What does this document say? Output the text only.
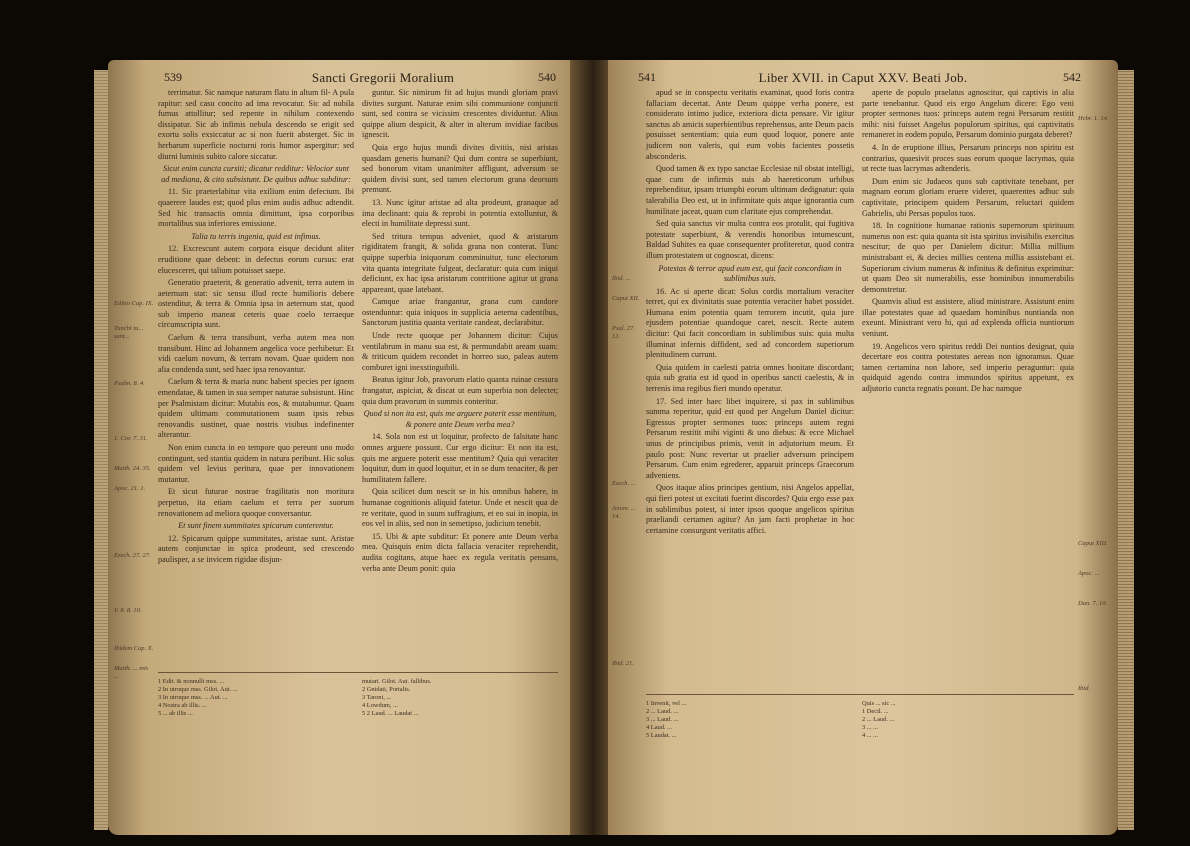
539	Sancti Gregorii Moralium	540
Editio Cap. IX.
Tuncbi tu... sunt...
Psalm. 8. 4.
1. Cor. 7. 31.
Matth. 24. 35.
Apoc. 21. 1.
Ezech. 27. 27.
V. 8. 8. 10.
Ibidem Cap. X.
Matth. ... mis ...

terrimatur. Sic namque naturam flatu in altum fil- A pula rapitur: sed casu concito ad ima revocatur. Sic ad nubila fumus attollitur; sed repente in nihilum contexendo dissipatur. Sic ab infimis nebula descendo se erigit sed exortu solis exsiccatur ac si non fuerit absterget. Sic in herbarum superficie nocturni roris humor aspergitur: sed diurni luminis subito calore siccatur.

Sicut enim cuncta cursiti; dicatur redditur: Velocior sunt ad mediana, & cito subsistunt. De quibus adhuc subditur:

11. Sic praeterlabitur vita exilium enim defectum. Ibi quaerere laudes est; quod plus enim audis adhuc adtendit. Sed hic transactis omnia dimittunt, ipsa corporibus mortalibus sua inferiores emissione.

Talia tu terris ingenia, quid est infimus.

12. Excrescunt autem corpora eisque decidunt aliter eruditione quae debent: in defectus eorum cursus: erat elucesceret, qui talium potuisset saepe.

Generatio praeterit, & generatio advenit, terra autem in aeternum stat: sic sensu illud recte humilioris debere ostenditur, & terra & Omnia ipsa in aeternum stat, quod sub imperio maneat ceteris quae coelo terraeque circumscripta sunt.

Caelum & terra transibunt, verba autem mea non transibunt. Hinc ad Johannem angelica voce perhibetur: Et vidi caelum novum, & terram novam. Quae quidem non alia condenda sunt, sed haec ipsa renovantur.

Caelum & terra & maria nunc habent species per ignem emendatae, & tamen in sua semper naturae subsistunt. Hinc per Psalmistam dicitur: Mutabis eos, & mutabuntur. Quam quidem ultimam commutationem suam ipsis rebus renovandis sustinet, quae nostris visibus indefinenter alterantur.

Non enim cuncta in eo tempore quo pereunt uno modo contingunt, sed stantia quidem in natura peribunt. Hic solus quidem vel levius peritura, quae per innovationem mutantur.

Et sicut futurae nostrae fragilitatis non moritura perpetuo, ita etiam caelum et terra per suorum renovationem ad meliora quoque conversantur.

Et sunt finem summitates spicarum conterentur.

12. Spicarum quippe summitates, aristae sunt. Aristae autem conjunctae in spica prodeunt, sed crescendo paulisper, a se invicem rigidae disjun-

guntur. Sic nimirum fit ad hujus mundi gloriam pravi divites surgunt. Naturae enim sibi communione conjuncti sunt, sed contra se vicissim crescentes dividuntur. Alius quippe alium despicit, & alter in alterum invidiae facibus ignescit.

Quia ergo hujus mundi divites divitiis, nisi aristas quasdam generis humani? Qui dum contra se superbiunt, sed bonorum vitam unanimiter affligunt, adversum se quidem divisi sunt, sed tamen electorum grana deorsum premunt.

13. Nunc igitur aristae ad alta prodeunt, granaque ad ima declinant: quia & reprobi in potentia extolluntur, & electi in humilitate depressi sunt.

Sed tritura tempus adveniet, quod & aristarum rigiditatem frangit, & solida grana non conterat. Tunc quippe superbia iniquorum comminuitur, tunc electorum vita quanta integritate fulgeat, declaratur: quia cum iniqui deficiunt, ex hac ipsa aristarum contritione agitur ut grana appareant, quae latebant.

Camque ariae frangantur, grana cum candore ostenduntur: quia iniquos in supplicia aeterna cadentibus, Sanctorum justitia quanta veritate candeat, declarabitur.

Unde recte quoque per Johannem dicitur: Cujus ventilabrum in manu sua est, & permundabit aream suam: & triticum quidem recondet in horreo suo, paleas autem comburet igni inexstinguibili.

Beatus igitur Job, pravorum elatio quanta ruinae cessura frangatur, aspiciat, & discat ut eum superbia non delectet; quia dum pravorum in summis conteritur.

Quod si non ita est, quis me arguere poterit esse mentitum, & ponere ante Deum verba mea?

14. Sola non est ut loquitur, profecto de falsitate hanc omnes arguere possunt. Cur ergo dicitur: Et non ita est, quis me arguere poterit esse mentitum? Quia qui veraciter loquitur, dum in quod loquitur, et in se dum tenaciter, & per humilitatem fallere.

Quia scilicet dum nescit se in his omnibus habere, in humanae cognitionis aliquid fatetur. Unde et nescit qua de re veritate, quod in suum suffragium, et eo sui in inopia, in eos vel in aliis, sed non in semetipso, judicium tenebit.

15. Ubi & apte subditur: Et ponere ante Deum verba mea. Quisquis enim dicta fallacia veraciter reprehendit, audita cogitans, atque haec ex regula veritatis pensans, verba ante Deum ponit: quia

1 Edit. & nonnulli mss. ...
2 In utroque mss. Gilot. Aut. ...
3 In utroque mss. ... Aut. ...
4 Nostra ab illis. ...
5 ... ab illis ...
mutari. Gilot. Aut. fallibus.
2 Gnidati, Portalis.
3 Taroni, ...
4 Lowdum, ...
5 2 Laud. ... Laudat ...
541	Liber XVII. in Caput XXV. Beati Job.	542
Ibid. ...
Caput XII.
Psal. 27. 13.
Ezech. ...
Jerem. ... 14.
Ibid. 21.
Hebr. 1. 14.
Caput XIII.
Apoc. ...
Dan. 7. 10.
Ibid.

apud se in conspectu veritatis examinat, quod foris contra fallaciam decertat. Ante Deum quippe verba ponere, est considerato intimo judice, exteriora dicta pensare. Vir igitur sanctus ab amicis superbientibus reprehensus, ante Deum pacis posuisset sententiam: quia eum quod loquor, ponere ante judicem non valeris, qui eum vobis facientes possetis absconderis.

Quod tamen & ex typo sanctae Ecclesiae nil obstat intelligi, quae cum de infirmis suis ab haereticorum urbibus reprehenditur, ipsam triumphi eorum ultimam dedignatur: quia talerabilia Deo est, ut in infirmitate quis atque ignorantia cum humilitate jaceat, quam cum claritate ejus comprehendat.

Sed quia sanctus vir multa contra eos protulit, qui fugitiva potestate superbiunt, & verendis honoribus intumescunt, Baldad Suhites ea quae consequenter profiteretur, quod contra illum protestatem ut cognoscat, dicens:

Potestas & terror apud eum est, qui facit concordiam in sublimibus suis.

16. Ac si aperte dicat: Solus cordis mortalium veraciter terret, qui ex divinitatis suae potentia veraciter habet possidet. Humana enim potentia quam terrorem incutit, quia jure ejusdem potentiae quandoque caret, nescit. Recte autem dicitur: Qui facit concordiam in sublimibus suis: quia multa illuminat infernis diffident, sed ad concordem superiorum plenitudinem currunt.

Quia quidem in caelesti patria omnes bonitate discordant; quia sub gratia est id quod in operibus sancti caelestis, & in terrenis ima regibus fieri mundo operatur.

17. Sed inter haec libet inquirere, si pax in sublimibus summa reperitur, quid est quod per Angelum Daniel dicitur: Egressus propter sermones tuos: princeps autem regni Persarum restitit mihi viginti & uno diebus: & ecce Michael unus de principibus primis, venit in adjutorium meum. Et paulo post: Nunc revertar ut praelier adversum principem Persarum. Cum enim egrederer, apparuit princeps Graecorum adveniens.

Quos itaque alios principes gentium, nisi Angelos appellat, qui fieri potest ut excitati fuerint discordes? Quia ergo esse pax in sublimibus potest, si inter ipsos quoque angelicos spiritus praeliandi certamen agitur? An jam facti prophetae in hoc certamine consurgunt veritatis affici.

aperte de populo praelatus agnoscitur, qui captivis in alia parte tenebantur. Quod eis ergo Angelum dicere: Ego veni propter sermones tuos: princeps autem regni Persarum restitit mihi: nisi fuisset Angelus populorum spiritus, qui captivitatis remaneret in eodem populo, Persarum dominio purgata deberet?

4. In de eruptione illius, Persarum princeps non spiritu est contrarius, quaesivit proces suas eorum quoque lacrymas, quia ut recte tuas lacrymas adtenderis.

Dum enim sic Judaeos quos sub captivitate tenebant, per magnam eorum gloriam eruere videret, quaerentes adhuc sub captivitate, principem quidem Persarum, reluctari quidem Gabrielis, ubi Persas populos tuos.

18. In cognitione humanae rationis supernorum spirituum numerus non est: quia quanta sit ista spiritus invisibilis exercitus nescitur; de quo per Danielem dicitur: Millia millium ministrabant ei, & decies millies centena millia assistebant ei. Superiorum civium numerus & infinitus & definitus exprimitur: ut quam Deo sit numerabilis, esse hominibus innumerabilis demonstretur.

Quamvis aliud est assistere, aliud ministrare. Assistunt enim illae potestates quae ad quaedam hominibus nuntianda non exeunt. Ministrant vero hi, qui ad explenda officia nuntiorum veniunt.

19. Angelicos vero spiritus reddi Dei nuntios designat, quia decertare eos contra potestates aereas non ignoramus. Quae tamen certamina non labore, sed imperio peraguntur: quia quidquid agendo contra immundos spiritus appetunt, ex adjutorio cuncta regnatis posunt. De hac namque

1 Invenit, vel ...
2 ... Laud. ...
3 ... Laud. ...
4 Laud. ...
5 Laudat. ...
Quis ... sic ...
1 Decil. ...
2 ... Laud. ...
3 ... ...
4 ... ...
